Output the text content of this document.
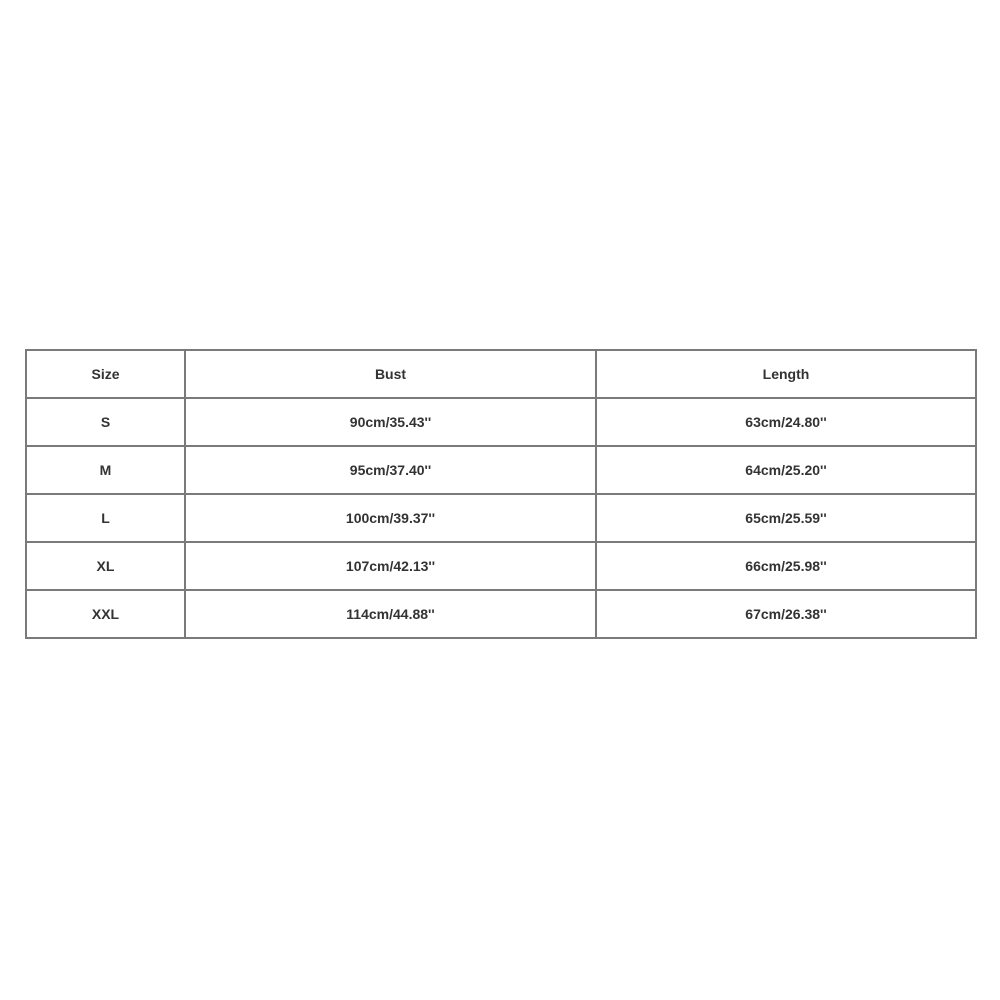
Size	Bust	Length
S	90cm/35.43''	63cm/24.80''
M	95cm/37.40''	64cm/25.20''
L	100cm/39.37''	65cm/25.59''
XL	107cm/42.13''	66cm/25.98''
XXL	114cm/44.88''	67cm/26.38''
